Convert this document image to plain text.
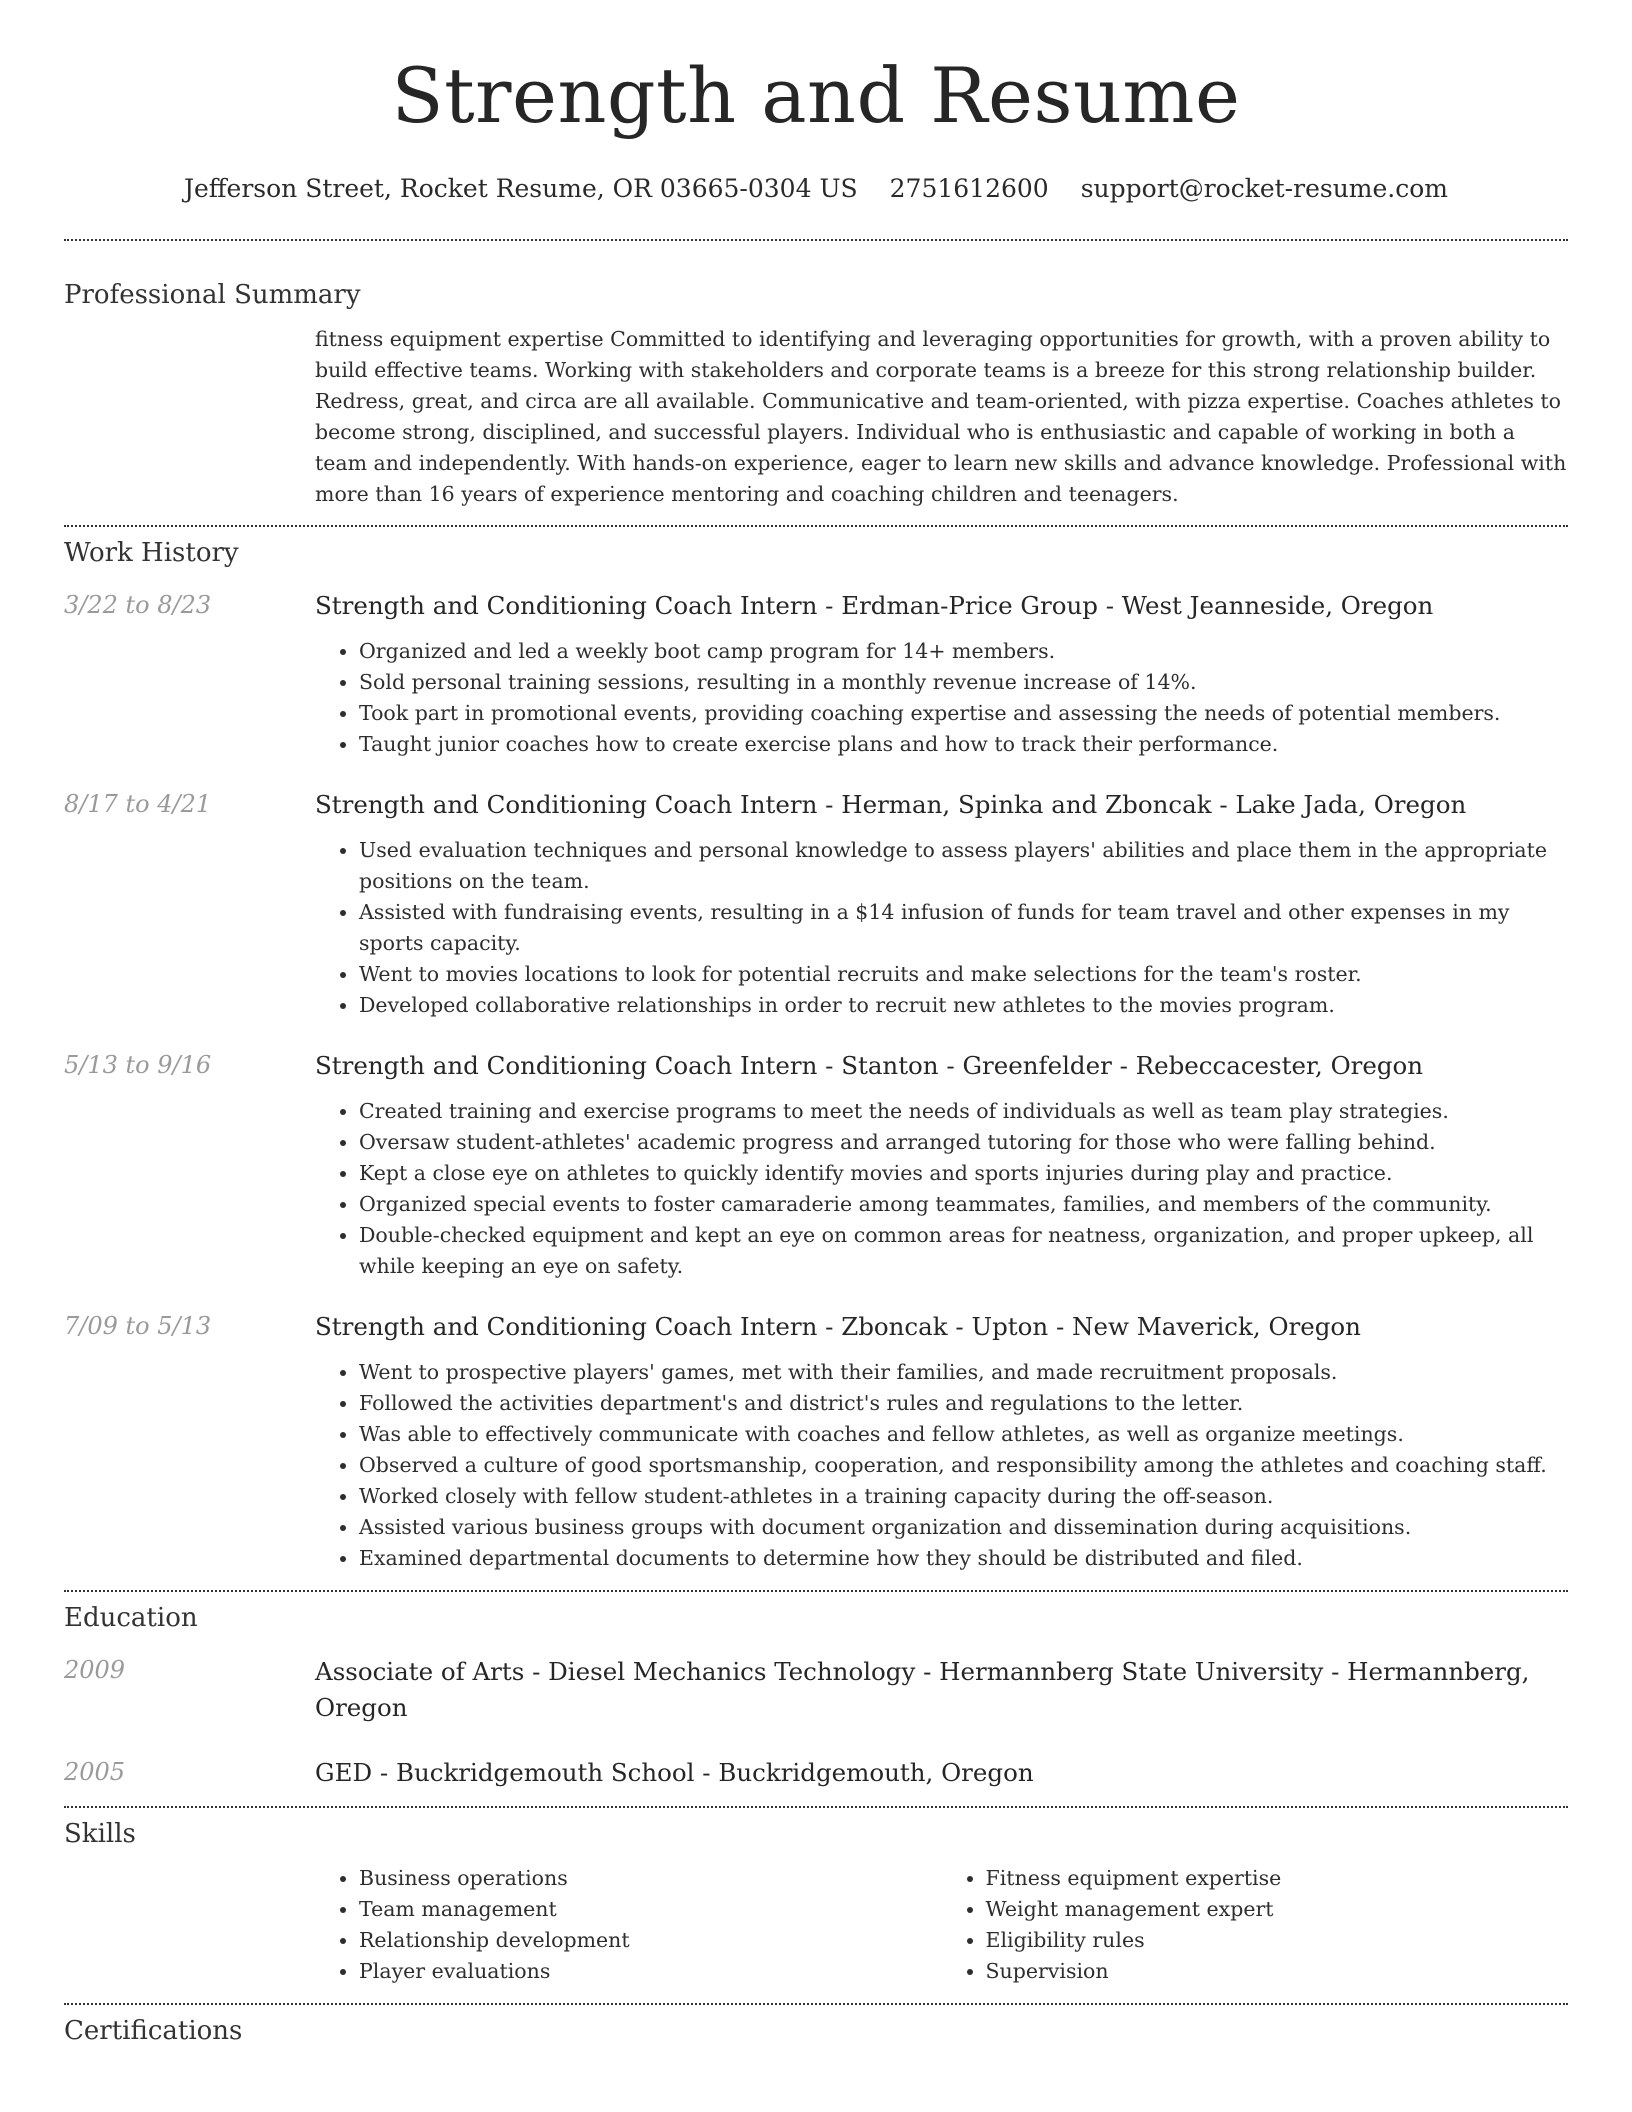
Strength and Resume
Jefferson Street, Rocket Resume, OR 03665-0304 US 2751612600 support@rocket-resume.com
Professional Summary
fitness equipment expertise Committed to identifying and leveraging opportunities for growth, with a proven ability to build effective teams. Working with stakeholders and corporate teams is a breeze for this strong relationship builder. Redress, great, and circa are all available. Communicative and team-oriented, with pizza expertise. Coaches athletes to become strong, disciplined, and successful players. Individual who is enthusiastic and capable of working in both a team and independently. With hands-on experience, eager to learn new skills and advance knowledge. Professional with more than 16 years of experience mentoring and coaching children and teenagers.
Work History
3/22 to 8/23	Strength and Conditioning Coach Intern - Erdman-Price Group - West Jeanneside, Oregon
• Organized and led a weekly boot camp program for 14+ members.
• Sold personal training sessions, resulting in a monthly revenue increase of 14%.
• Took part in promotional events, providing coaching expertise and assessing the needs of potential members.
• Taught junior coaches how to create exercise plans and how to track their performance.
8/17 to 4/21	Strength and Conditioning Coach Intern - Herman, Spinka and Zboncak - Lake Jada, Oregon
• Used evaluation techniques and personal knowledge to assess players' abilities and place them in the appropriate positions on the team.
• Assisted with fundraising events, resulting in a $14 infusion of funds for team travel and other expenses in my sports capacity.
• Went to movies locations to look for potential recruits and make selections for the team's roster.
• Developed collaborative relationships in order to recruit new athletes to the movies program.
5/13 to 9/16	Strength and Conditioning Coach Intern - Stanton - Greenfelder - Rebeccacester, Oregon
• Created training and exercise programs to meet the needs of individuals as well as team play strategies.
• Oversaw student-athletes' academic progress and arranged tutoring for those who were falling behind.
• Kept a close eye on athletes to quickly identify movies and sports injuries during play and practice.
• Organized special events to foster camaraderie among teammates, families, and members of the community.
• Double-checked equipment and kept an eye on common areas for neatness, organization, and proper upkeep, all while keeping an eye on safety.
7/09 to 5/13	Strength and Conditioning Coach Intern - Zboncak - Upton - New Maverick, Oregon
• Went to prospective players' games, met with their families, and made recruitment proposals.
• Followed the activities department's and district's rules and regulations to the letter.
• Was able to effectively communicate with coaches and fellow athletes, as well as organize meetings.
• Observed a culture of good sportsmanship, cooperation, and responsibility among the athletes and coaching staff.
• Worked closely with fellow student-athletes in a training capacity during the off-season.
• Assisted various business groups with document organization and dissemination during acquisitions.
• Examined departmental documents to determine how they should be distributed and filed.
Education
2009	Associate of Arts - Diesel Mechanics Technology - Hermannberg State University - Hermannberg, Oregon
2005	GED - Buckridgemouth School - Buckridgemouth, Oregon
Skills
• Business operations
• Team management
• Relationship development
• Player evaluations
• Fitness equipment expertise
• Weight management expert
• Eligibility rules
• Supervision
Certifications
